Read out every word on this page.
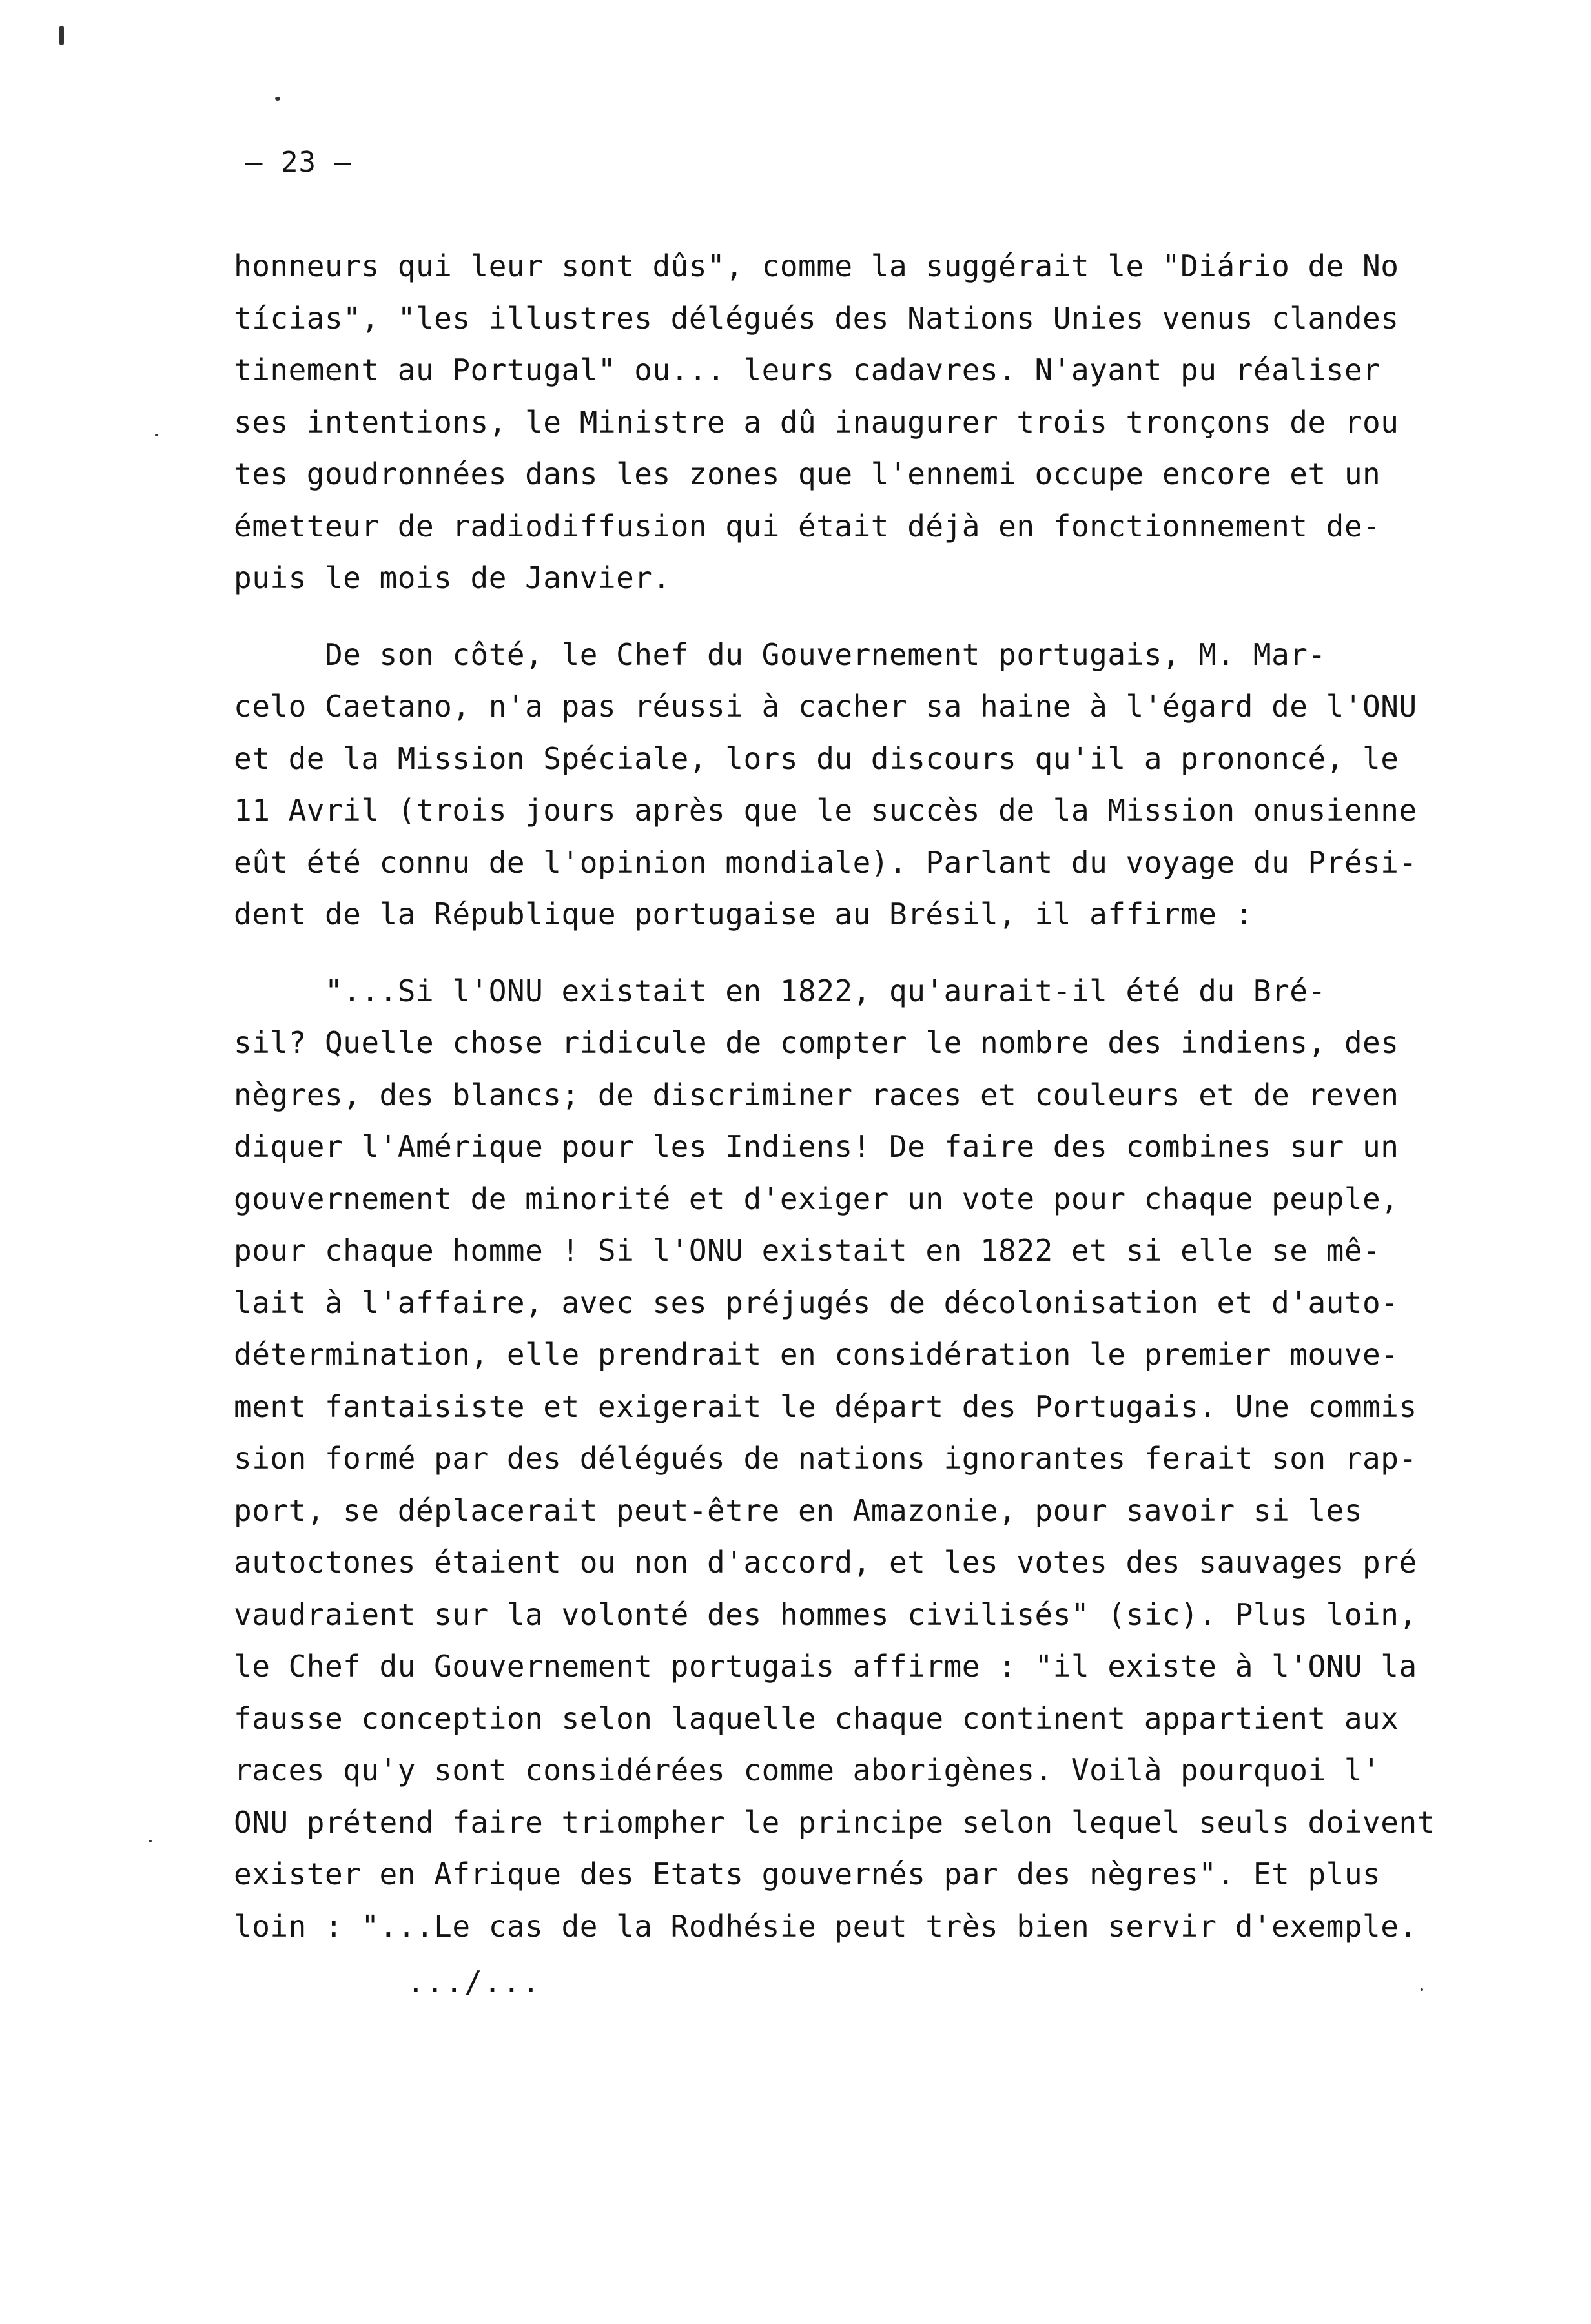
— 23 —
honneurs qui leur sont dûs", comme la suggérait le "Diário de No
tícias", "les illustres délégués des Nations Unies venus clandes
tinement au Portugal" ou... leurs cadavres. N'ayant pu réaliser
ses intentions, le Ministre a dû inaugurer trois tronçons de rou
tes goudronnées dans les zones que l'ennemi occupe encore et un
émetteur de radiodiffusion qui était déjà en fonctionnement de-
puis le mois de Janvier.
De son côté, le Chef du Gouvernement portugais, M. Mar-
celo Caetano, n'a pas réussi à cacher sa haine à l'égard de l'ONU
et de la Mission Spéciale, lors du discours qu'il a prononcé, le
11 Avril (trois jours après que le succès de la Mission onusienne
eût été connu de l'opinion mondiale). Parlant du voyage du Prési-
dent de la République portugaise au Brésil, il affirme :
"...Si l'ONU existait en 1822, qu'aurait-il été du Bré-
sil? Quelle chose ridicule de compter le nombre des indiens, des
nègres, des blancs; de discriminer races et couleurs et de reven
diquer l'Amérique pour les Indiens! De faire des combines sur un
gouvernement de minorité et d'exiger un vote pour chaque peuple,
pour chaque homme ! Si l'ONU existait en 1822 et si elle se mê-
lait à l'affaire, avec ses préjugés de décolonisation et d'auto-
détermination, elle prendrait en considération le premier mouve-
ment fantaisiste et exigerait le départ des Portugais. Une commis
sion formé par des délégués de nations ignorantes ferait son rap-
port, se déplacerait peut-être en Amazonie, pour savoir si les
autoctones étaient ou non d'accord, et les votes des sauvages pré
vaudraient sur la volonté des hommes civilisés" (sic). Plus loin,
le Chef du Gouvernement portugais affirme : "il existe à l'ONU la
fausse conception selon laquelle chaque continent appartient aux
races qu'y sont considérées comme aborigènes. Voilà pourquoi l'
ONU prétend faire triompher le principe selon lequel seuls doivent
exister en Afrique des Etats gouvernés par des nègres". Et plus
loin : "...Le cas de la Rodhésie peut très bien servir d'exemple.
.../...
